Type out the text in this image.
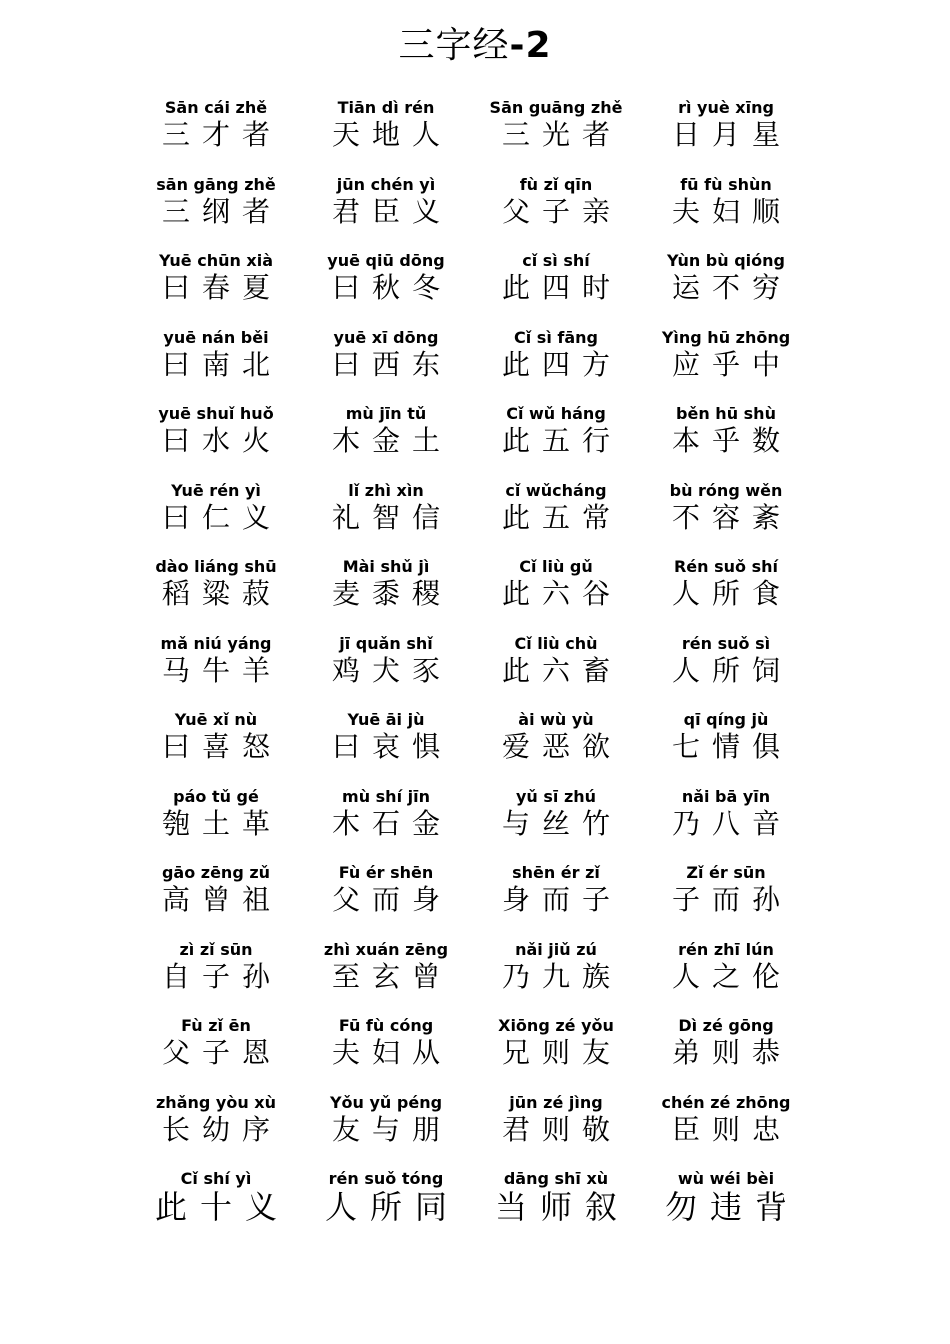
三字经-2
Sān cái zhě
三才者
Tiān dì rén
天地人
Sān guāng zhě
三光者
rì yuè xīng
日月星
sān gāng zhě
三纲者
jūn chén yì
君臣义
fù zǐ qīn
父子亲
fū fù shùn
夫妇顺
Yuē chūn xià
曰春夏
yuē qiū dōng
曰秋冬
cǐ sì shí
此四时
Yùn bù qióng
运不穷
yuē nán běi
曰南北
yuē xī dōng
曰西东
Cǐ sì fāng
此四方
Yìng hū zhōng
应乎中
yuē shuǐ huǒ
曰水火
mù jīn tǔ
木金土
Cǐ wǔ háng
此五行
běn hū shù
本乎数
Yuē rén yì
曰仁义
lǐ zhì xìn
礼智信
cǐ wǔcháng
此五常
bù róng wěn
不容紊
dào liáng shū
稻粱菽
Mài shǔ jì
麦黍稷
Cǐ liù gǔ
此六谷
Rén suǒ shí
人所食
mǎ niú yáng
马牛羊
jī quǎn shǐ
鸡犬豕
Cǐ liù chù
此六畜
rén suǒ sì
人所饲
Yuē xǐ nù
曰喜怒
Yuē āi jù
曰哀惧
ài wù yù
爱恶欲
qī qíng jù
七情俱
páo tǔ gé
匏土革
mù shí jīn
木石金
yǔ sī zhú
与丝竹
nǎi bā yīn
乃八音
gāo zēng zǔ
高曾祖
Fù ér shēn
父而身
shēn ér zǐ
身而子
Zǐ ér sūn
子而孙
zì zǐ sūn
自子孙
zhì xuán zēng
至玄曾
nǎi jiǔ zú
乃九族
rén zhī lún
人之伦
Fù zǐ ēn
父子恩
Fū fù cóng
夫妇从
Xiōng zé yǒu
兄则友
Dì zé gōng
弟则恭
zhǎng yòu xù
长幼序
Yǒu yǔ péng
友与朋
jūn zé jìng
君则敬
chén zé zhōng
臣则忠
Cǐ shí yì
此十义
rén suǒ tóng
人所同
dāng shī xù
当师叙
wù wéi bèi
勿违背
